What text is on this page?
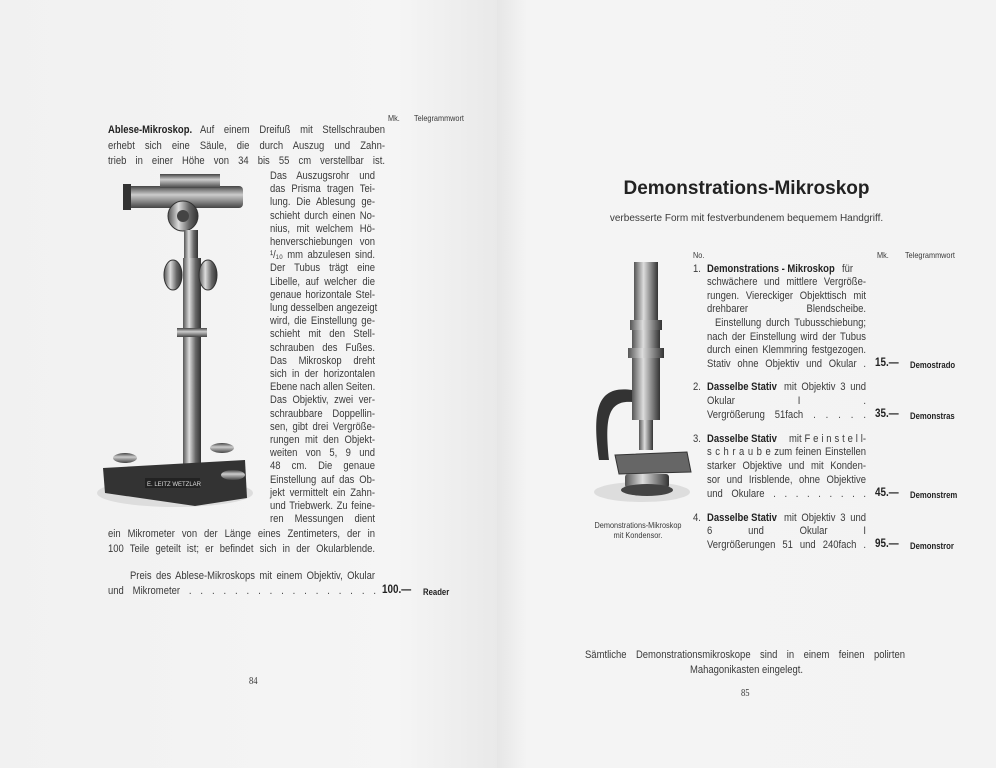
E. LEITZ WETZLAR
Mk. Telegrammwort
Ablese-Mikroskop. Auf einem Dreifuß mit Stellschrauben
erhebt sich eine Säule, die durch Auszug und Zahn-
trieb in einer Höhe von 34 bis 55 cm verstellbar ist.
Das Auszugsrohr und
das Prisma tragen Tei-
lung. Die Ablesung ge-
schieht durch einen No-
nius, mit welchem Hö-
henverschiebungen von
¹/₁₀ mm abzulesen sind.
Der Tubus trägt eine
Libelle, auf welcher die
genaue horizontale Stel-
lung desselben angezeigt
wird, die Einstellung ge-
schieht mit den Stell-
schrauben des Fußes.
Das Mikroskop dreht
sich in der horizontalen
Ebene nach allen Seiten.
Das Objektiv, zwei ver-
schraubbare Doppellin-
sen, gibt drei Vergröße-
rungen mit den Objekt-
weiten von 5, 9 und
48 cm. Die genaue
Einstellung auf das Ob-
jekt vermittelt ein Zahn-
und Triebwerk. Zu feine-
ren Messungen dient
ein Mikrometer von der Länge eines Zentimeters, der in
100 Teile geteilt ist; er befindet sich in der Okularblende.
Preis des Ablese-Mikroskops mit einem Objektiv, Okular
und Mikrometer . . . . . . . . . . . . . . . . . 100.— Reader
84
Demonstrations-Mikroskop
verbesserte Form mit festverbundenem bequemem Handgriff.
No.	Mk. Telegrammwort
1. Demonstrations - Mikroskop für
schwächere und mittlere Vergröße-
rungen. Viereckiger Objekttisch mit
drehbarer Blendscheibe.
Einstellung durch Tubusschiebung;
nach der Einstellung wird der Tubus
durch einen Klemmring festgezogen.
Stativ ohne Objektiv und Okular . 15.— Demostrado
2. Dasselbe Stativ mit Objektiv 3 und
Okular I .
Vergrößerung 51fach . . . . . 35.— Demonstras
3. Dasselbe Stativ mit F e i n s t e l l-
s c h r a u b e zum feinen Einstellen
starker Objektive und mit Konden-
sor und Irisblende, ohne Objektive
und Okulare . . . . . . . . . 45.— Demonstrem
4. Dasselbe Stativ mit Objektiv 3 und
6 und Okular I
Vergrößerungen 51 und 240fach . 95.— Demonstror
Demonstrations-Mikroskop
mit Kondensor.
Sämtliche Demonstrationsmikroskope sind in einem feinen polirten
Mahagonikasten eingelegt.
85
